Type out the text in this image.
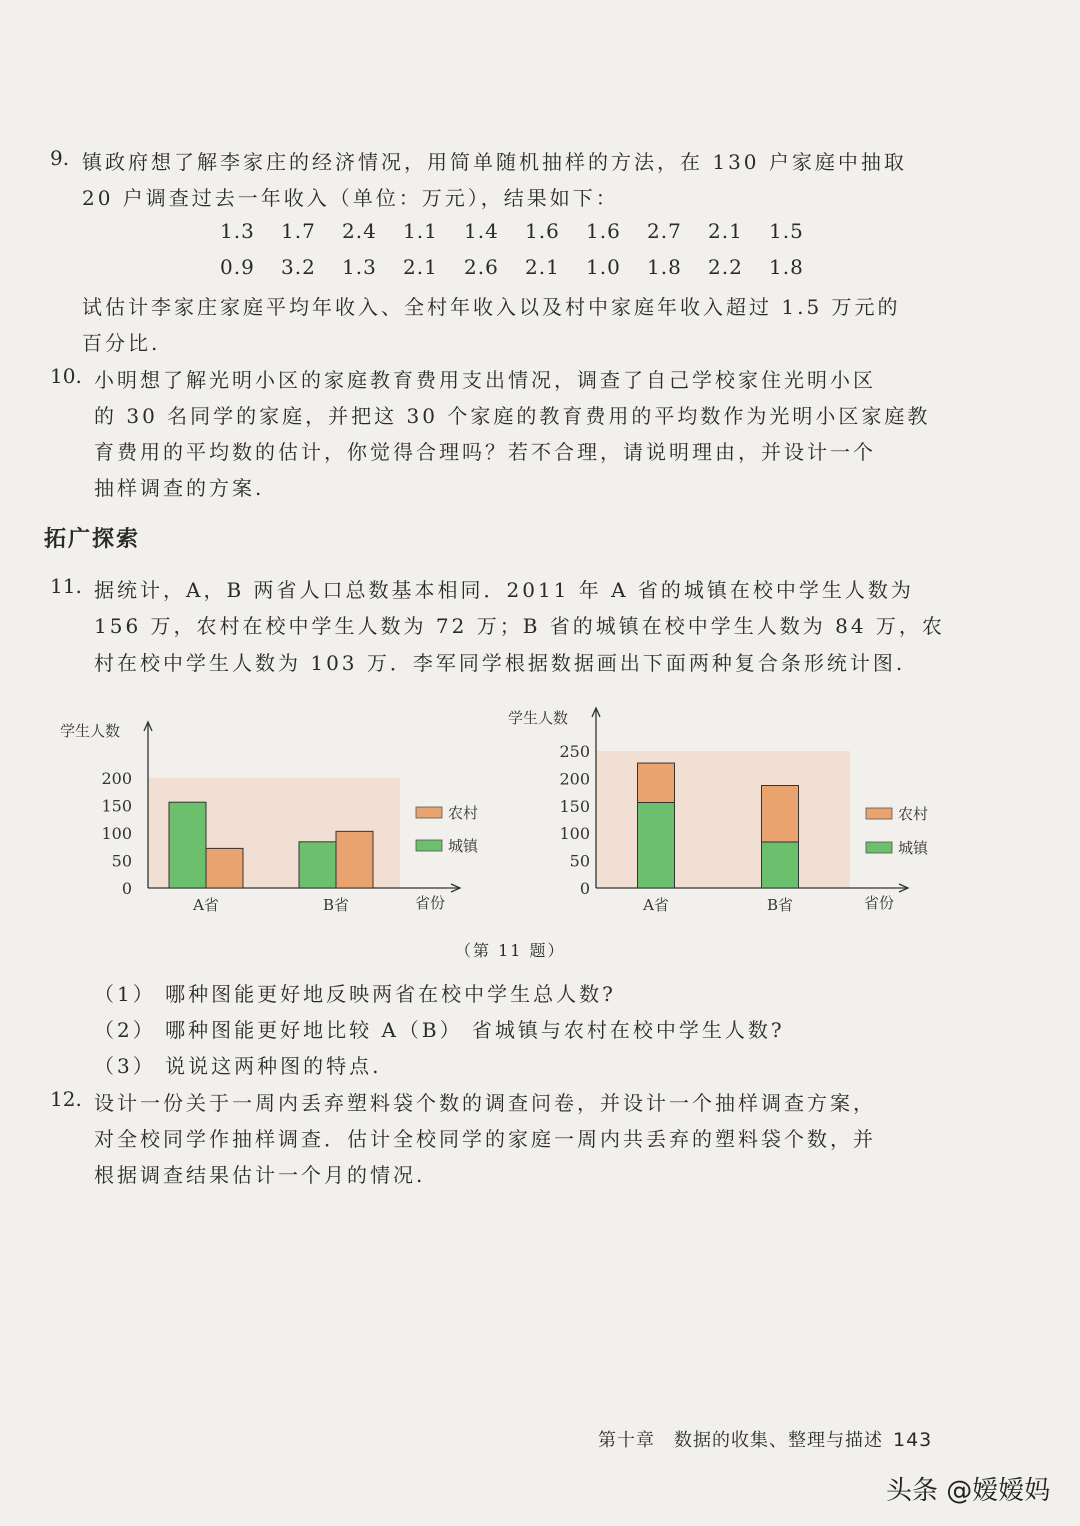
9. 镇政府想了解李家庄的经济情况，用简单随机抽样的方法，在 130 户家庭中抽取
20 户调查过去一年收入（单位：万元），结果如下：
1.3 1.7 2.4 1.1 1.4 1.6 1.6 2.7 2.1 1.5
0.9 3.2 1.3 2.1 2.6 2.1 1.0 1.8 2.2 1.8
试估计李家庄家庭平均年收入、全村年收入以及村中家庭年收入超过 1.5 万元的
百分比.
10. 小明想了解光明小区的家庭教育费用支出情况，调查了自己学校家住光明小区
的 30 名同学的家庭，并把这 30 个家庭的教育费用的平均数作为光明小区家庭教
育费用的平均数的估计，你觉得合理吗？若不合理，请说明理由，并设计一个
抽样调查的方案.
拓广探索
11. 据统计，A，B 两省人口总数基本相同．2011 年 A 省的城镇在校中学生人数为
156 万，农村在校中学生人数为 72 万；B 省的城镇在校中学生人数为 84 万，农
村在校中学生人数为 103 万．李军同学根据数据画出下面两种复合条形统计图.
0
50
100
150
200
学生人数
省份
A省	B省
农村
城镇
0
50
100
150
200
250
学生人数
省份
A省	B省
农村
城镇
（第 11 题）
（1） 哪种图能更好地反映两省在校中学生总人数?
（2） 哪种图能更好地比较 A（B） 省城镇与农村在校中学生人数?
（3） 说说这两种图的特点.
12. 设计一份关于一周内丢弃塑料袋个数的调查问卷，并设计一个抽样调查方案，
对全校同学作抽样调查．估计全校同学的家庭一周内共丢弃的塑料袋个数，并
根据调查结果估计一个月的情况.
第十章　数据的收集、整理与描述 143
头条 @嫒嫒妈
